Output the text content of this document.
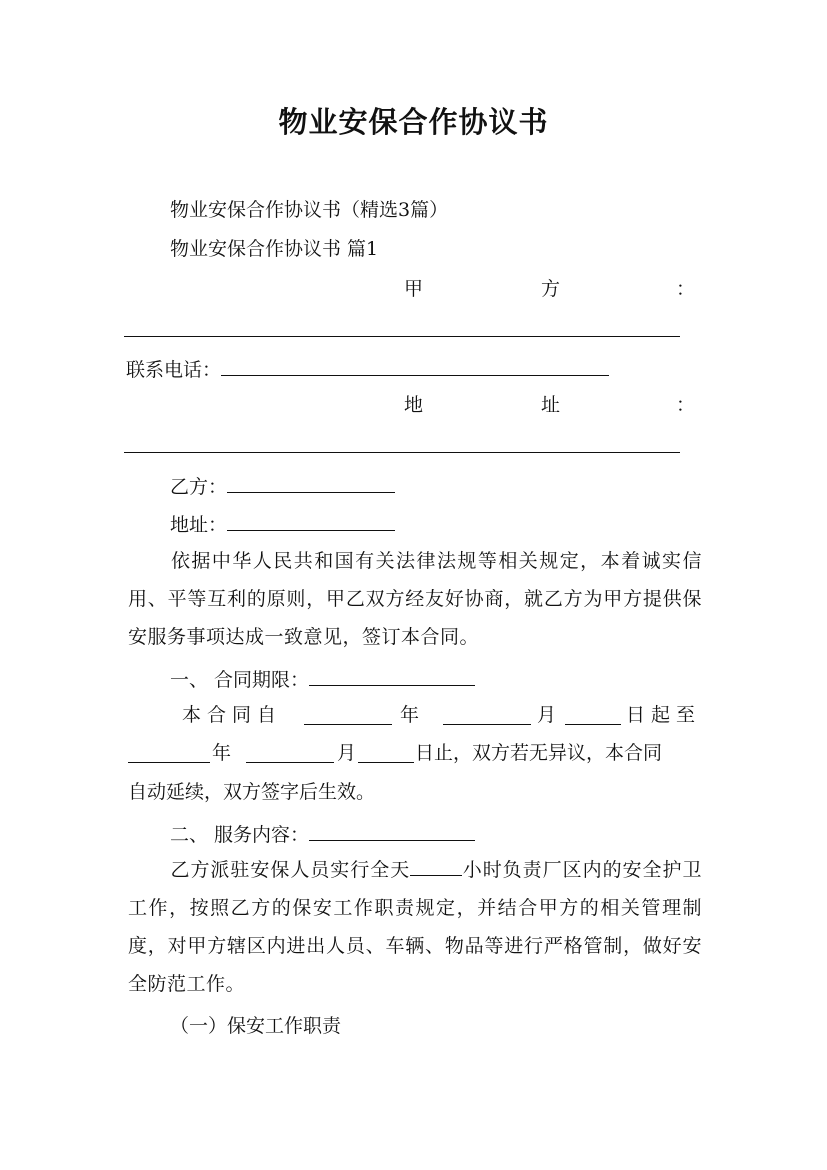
物业安保合作协议书
物业安保合作协议书（精选3篇）
物业安保合作协议书 篇1
甲	方	：
联系电话：
地	址	：
乙方：
地址：
依据中华人民共和国有关法律法规等相关规定，本着诚实信用、平等互利的原则，甲乙双方经友好协商，就乙方为甲方提供保安服务事项达成一致意见，签订本合同。
一、 合同期限：
本合同自	年	月	日起至
年	月	日止，双方若无异议，本合同
自动延续，双方签字后生效。
二、 服务内容：
乙方派驻安保人员实行全天	小时负责厂区内的安全护卫工作，按照乙方的保安工作职责规定，并结合甲方的相关管理制度，对甲方辖区内进出人员、车辆、物品等进行严格管制，做好安全防范工作。
（一）保安工作职责
